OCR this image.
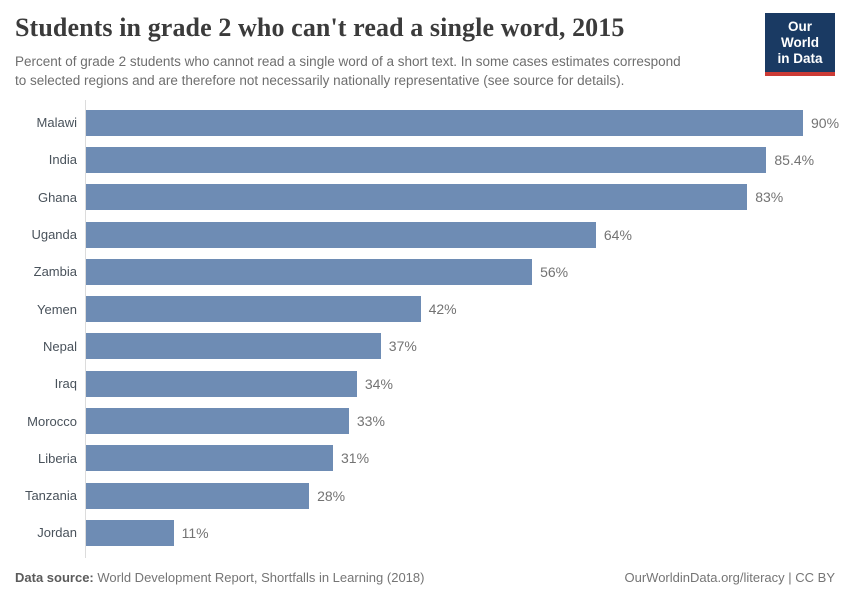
Students in grade 2 who can't read a single word, 2015
Percent of grade 2 students who cannot read a single word of a short text. In some cases estimates correspond
to selected regions and are therefore not necessarily nationally representative (see source for details).
Our World
in Data
Malawi	90%
India	85.4%
Ghana	83%
Uganda	64%
Zambia	56%
Yemen	42%
Nepal	37%
Iraq	34%
Morocco	33%
Liberia	31%
Tanzania	28%
Jordan	11%
Data source: World Development Report, Shortfalls in Learning (2018)	OurWorldinData.org/literacy | CC BY
